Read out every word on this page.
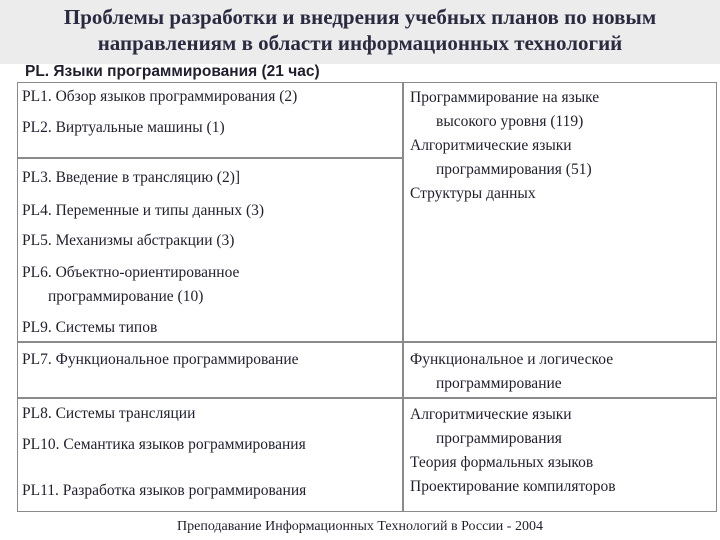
Проблемы разработки и внедрения учебных планов по новым
направлениям в области информационных технологий
PL. Языки программирования (21 час)
PL1. Обзор языков программирования (2)
PL2. Виртуальные машины (1)
PL3. Введение в трансляцию (2)]
PL4. Переменные и типы данных (3)
PL5. Механизмы абстракции (3)
PL6. Объектно-ориентированное
программирование (10)
PL9. Системы типов
PL7. Функциональное программирование
PL8. Системы трансляции
PL10. Семантика языков рограммирования
PL11. Разработка языков рограммирования
Программирование на языке
высокого уровня (119)
Алгоритмические языки
программирования (51)
Структуры данных
Функциональное и логическое
программирование
Алгоритмические языки
программирования
Теория формальных языков
Проектирование компиляторов
Преподавание Информационных Технологий в России - 2004
